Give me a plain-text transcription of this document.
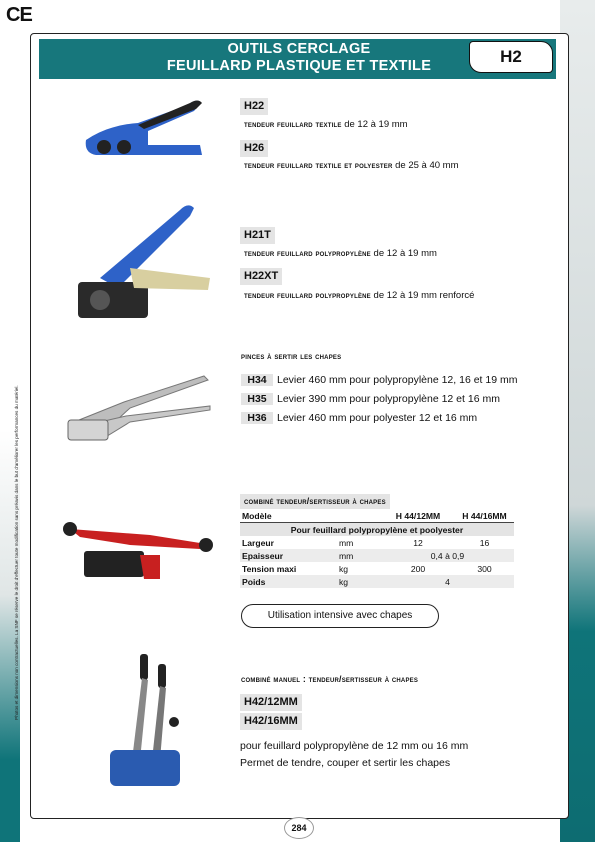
CE
Photos et dimensions non contractuelles. La SNF se réserve le droit d'effectuer toute modification sans préavis dans le but d'améliorer les performances du matériel.
OUTILS CERCLAGE
FEUILLARD PLASTIQUE ET TEXTILE	H2
H22
tendeur feuillard textile de 12 à 19 mm
H26
tendeur feuillard textile et polyester de 25 à 40 mm
H21T
tendeur feuillard polypropylène de 12 à 19 mm
H22XT
tendeur feuillard polypropylène de 12 à 19 mm renforcé
pinces à sertir les chapes
H34 Levier 460 mm pour polypropylène 12, 16 et 19 mm
H35 Levier 390 mm pour polypropylène 12 et 16 mm
H36 Levier 460 mm pour polyester 12 et 16 mm
combiné tendeur/sertisseur à chapes
Modèle		H 44/12MM	H 44/16MM
Pour feuillard polypropylène et poolyester			
Largeur	mm	12	16
Epaisseur	mm	0,4 à 0,9	
Tension maxi	kg	200	300
Poids	kg	4	
Utilisation intensive avec chapes
combiné manuel : tendeur/sertisseur à chapes
H42/12MM
H42/16MM
pour feuillard polypropylène de 12 mm ou 16 mm
Permet de tendre, couper et sertir les chapes
284
